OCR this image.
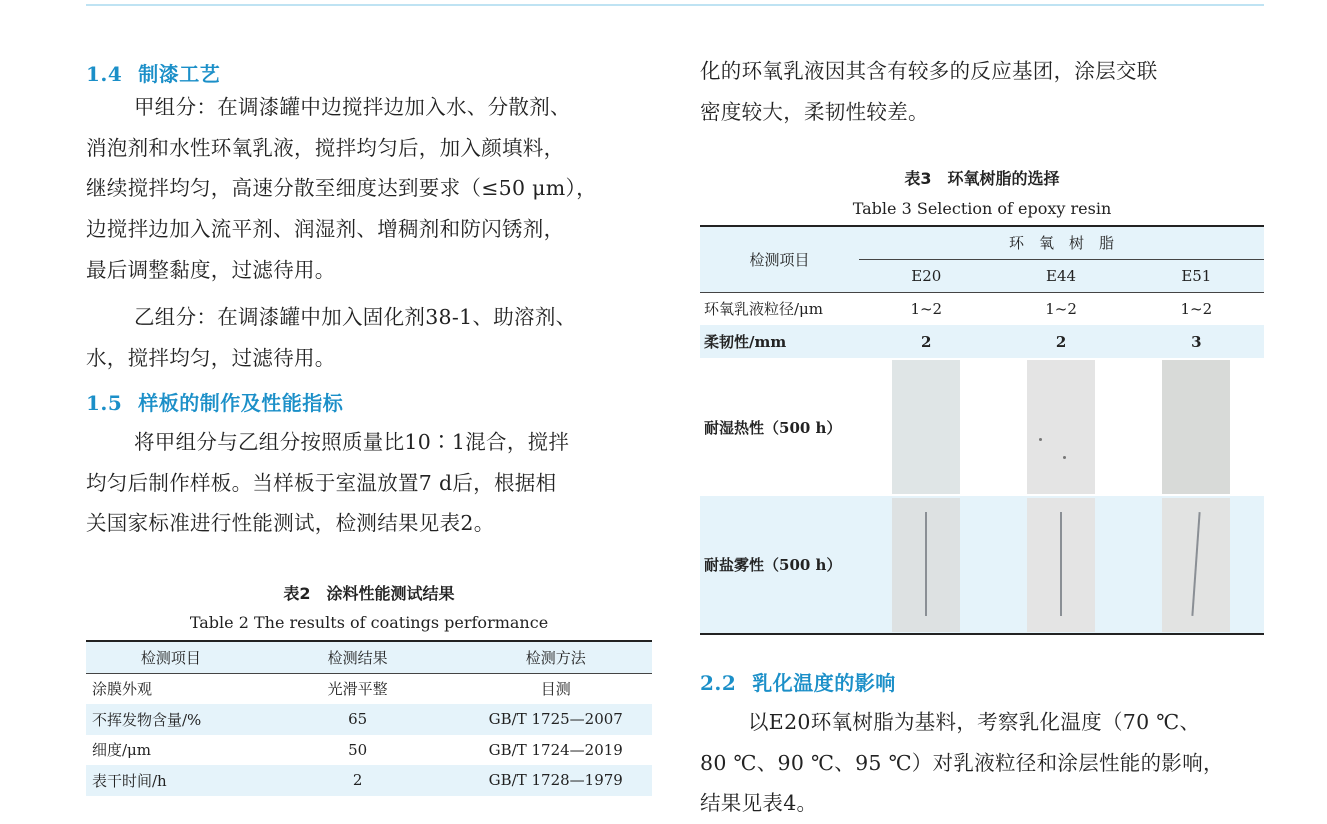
1.4 制漆工艺
甲组分：在调漆罐中边搅拌边加入水、分散剂、
消泡剂和水性环氧乳液，搅拌均匀后，加入颜填料，
继续搅拌均匀，高速分散至细度达到要求（≤50 μm），
边搅拌边加入流平剂、润湿剂、增稠剂和防闪锈剂，
最后调整黏度，过滤待用。
乙组分：在调漆罐中加入固化剂38-1、助溶剂、
水，搅拌均匀，过滤待用。
1.5 样板的制作及性能指标
将甲组分与乙组分按照质量比10∶1混合，搅拌
均匀后制作样板。当样板于室温放置7 d后，根据相
关国家标准进行性能测试，检测结果见表2。
表2　涂料性能测试结果
Table 2 The results of coatings performance
检测项目	检测结果	检测方法
涂膜外观	光滑平整	目测
不挥发物含量/%	65	GB/T 1725—2007
细度/μm	50	GB/T 1724—2019
表干时间/h	2	GB/T 1728—1979
化的环氧乳液因其含有较多的反应基团，涂层交联
密度较大，柔韧性较差。
表3　环氧树脂的选择
Table 3 Selection of epoxy resin
检测项目	环　氧　树　脂		
	E20	E44	E51
环氧乳液粒径/μm	1~2	1~2	1~2
柔韧性/mm	2	2	3
耐湿热性（500 h）		

耐盐雾性（500 h）	

2.2 乳化温度的影响
以E20环氧树脂为基料，考察乳化温度（70 ℃、
80 ℃、90 ℃、95 ℃）对乳液粒径和涂层性能的影响，
结果见表4。
